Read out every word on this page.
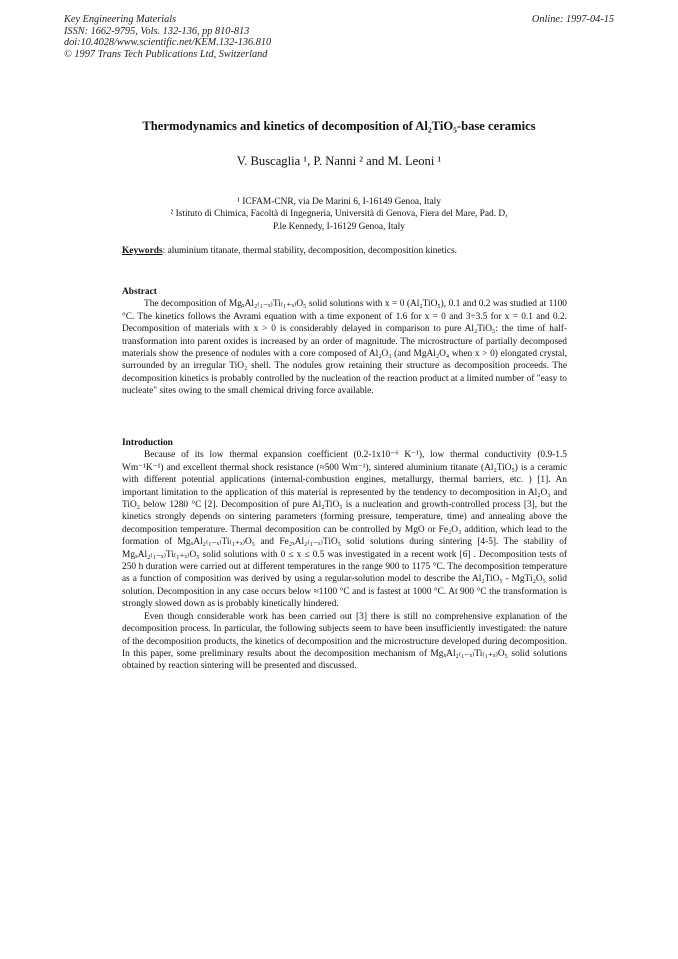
Key Engineering Materials
ISSN: 1662-9795, Vols. 132-136, pp 810-813
doi:10.4028/www.scientific.net/KEM.132-136.810
© 1997 Trans Tech Publications Ltd, Switzerland
Online: 1997-04-15
Thermodynamics and kinetics of decomposition of Al₂TiO₅-base ceramics
V. Buscaglia ¹, P. Nanni ² and M. Leoni ¹
¹ ICFAM-CNR, via De Marini 6, I-16149 Genoa, Italy
² Istituto di Chimica, Facoltà di Ingegneria, Università di Genova, Fiera del Mare, Pad. D,
P.le Kennedy, I-16129 Genoa, Italy
Keywords: aluminium titanate, thermal stability, decomposition, decomposition kinetics.
Abstract

The decomposition of MgₓAl₂₍₁₋ₓ₎Ti₍₁₊ₓ₎O₅ solid solutions with x = 0 (Al₂TiO₅), 0.1 and 0.2 was studied at 1100 °C. The kinetics follows the Avrami equation with a time exponent of 1.6 for x = 0 and 3÷3.5 for x = 0.1 and 0.2. Decomposition of materials with x > 0 is considerably delayed in comparison to pure Al₂TiO₅: the time of half-transformation into parent oxides is increased by an order of magnitude. The microstructure of partially decomposed materials show the presence of nodules with a core composed of Al₂O₃ (and MgAl₂O₄ when x > 0) elongated crystal, surrounded by an irregular TiO₂ shell. The nodules grow retaining their structure as decomposition proceeds. The decomposition kinetics is probably controlled by the nucleation of the reaction product at a limited number of "easy to nucleate" sites owing to the small chemical driving force available.

Introduction

Because of its low thermal expansion coefficient (0.2-1x10⁻⁶ K⁻¹), low thermal conductivity (0.9-1.5 Wm⁻¹K⁻¹) and excellent thermal shock resistance (≈500 Wm⁻¹), sintered aluminium titanate (Al₂TiO₅) is a ceramic with different potential applications (internal-combustion engines, metallurgy, thermal barriers, etc. ) [1]. An important limitation to the application of this material is represented by the tendency to decomposition in Al₂O₃ and TiO₂ below 1280 °C [2]. Decomposition of pure Al₂TiO₅ is a nucleation and growth-controlled process [3], but the kinetics strongly depends on sintering parameters (forming pressure, temperature, time) and annealing above the decomposition temperature. Thermal decomposition can be controlled by MgO or Fe₂O₃ addition, which lead to the formation of MgₓAl₂₍₁₋ₓ₎Ti₍₁₊ₓ₎O₅ and Fe₂ₓAl₂₍₁₋ₓ₎TiO₅ solid solutions during sintering [4-5]. The stability of MgₓAl₂₍₁₋ₓ₎Ti₍₁₊ₓ₎O₅ solid solutions with 0 ≤ x ≤ 0.5 was investigated in a recent work [6] . Decomposition tests of 250 h duration were carried out at different temperatures in the range 900 to 1175 °C. The decomposition temperature as a function of composition was derived by using a regular-solution model to describe the Al₂TiO₅ - MgTi₂O₅ solid solution. Decomposition in any case occurs below ≈1100 °C and is fastest at 1000 °C. At 900 °C the transformation is strongly slowed down as is probably kinetically hindered.

Even though considerable work has been carried out [3] there is still no comprehensive explanation of the decomposition process. In particular, the following subjects seem to have been insufficiently investigated: the nature of the decomposition products, the kinetics of decomposition and the microstructure developed during decomposition. In this paper, some preliminary results about the decomposition mechanism of MgₓAl₂₍₁₋ₓ₎Ti₍₁₊ₓ₎O₅ solid solutions obtained by reaction sintering will be presented and discussed.
